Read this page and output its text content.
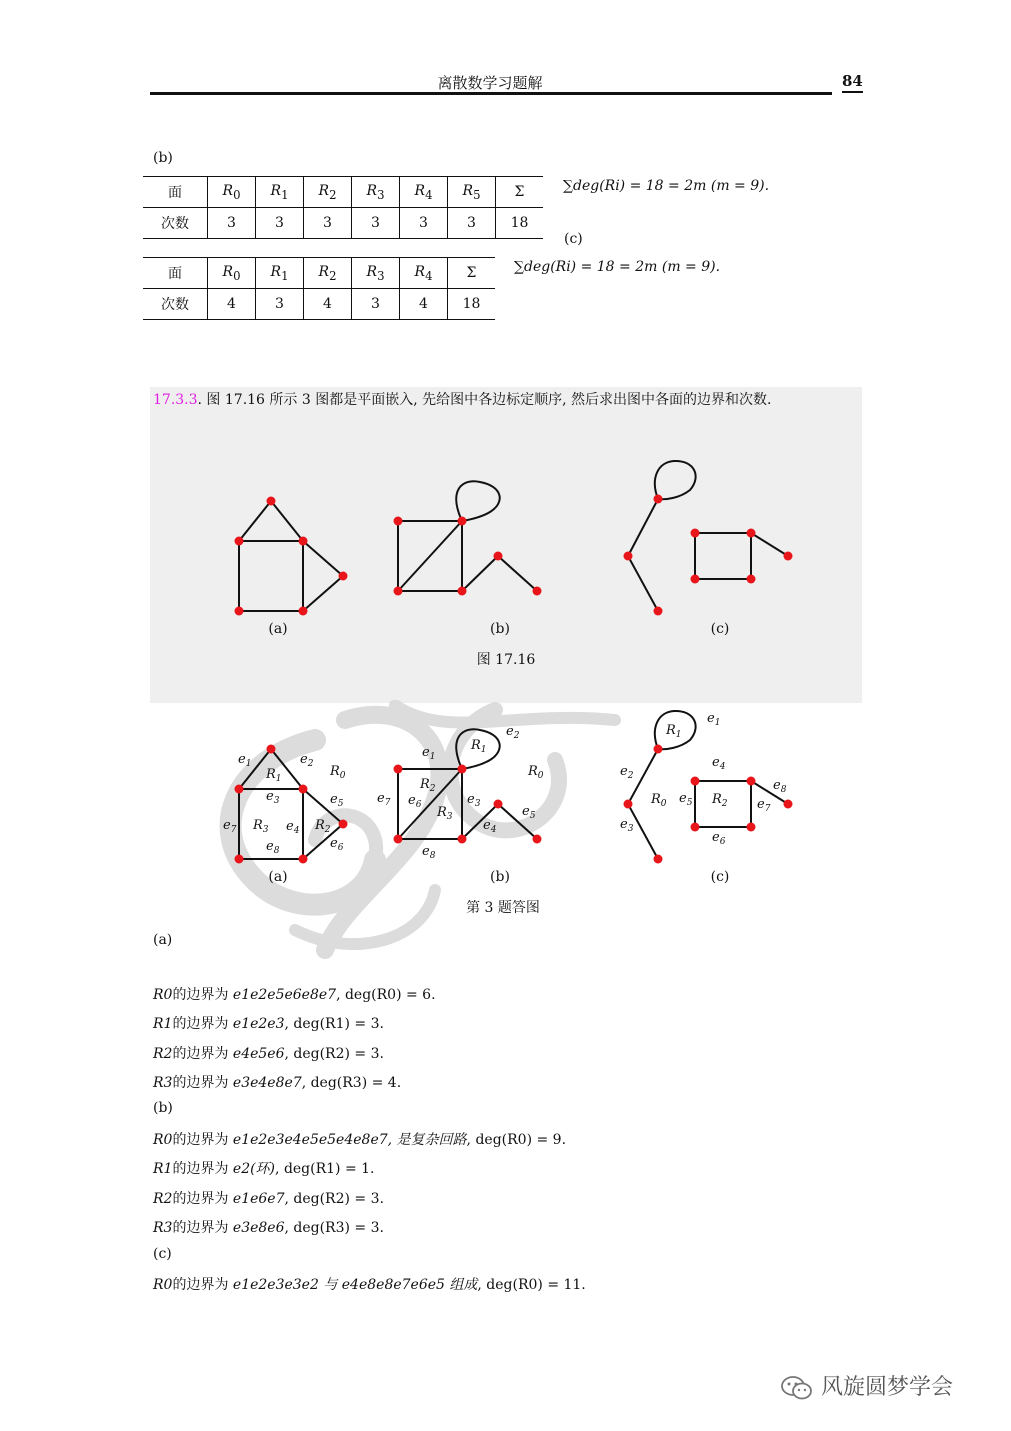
离散数学习题解	84
(b)
面	$R_0$	$R_1$	$R_2$	$R_3$	$R_4$	$R_5$	Σ
次数	3	3	3	3	3	3	18
∑deg(Ri) = 18 = 2m (m = 9).
(c)
面	$R_0$	$R_1$	$R_2$	$R_3$	$R_4$	Σ
次数	4	3	4	3	4	18
∑deg(Ri) = 18 = 2m (m = 9).
17.3.3. 图 17.16 所示 3 图都是平面嵌入, 先给图中各边标定顺序, 然后求出图中各面的边界和次数.
(a)	(b)	(c)
图 17.16
$e_1$	$e_2$
$R_1$	$R_0$
$e_3$	$e_5$
$e_7$ $R_3$ $e_4$ $R_2$
$e_6$
$e_8$
$e_1$
$e_2$
$R_1$
$R_0$
$R_2$
$e_7$ $e_6$ $R_3$
$e_3$	$e_5$
$e_4$
$e_8$
$e_1$
$R_1$
$e_2$
$e_4$
$R_0$ $e_5$ $R_2$
$e_8$
$e_7$
$e_3$
$e_6$
(a)	(b)	(c)
第 3 题答图
(a)
R0的边界为 e1e2e5e6e8e7, deg(R0) = 6.
R1的边界为 e1e2e3, deg(R1) = 3.
R2的边界为 e4e5e6, deg(R2) = 3.
R3的边界为 e3e4e8e7, deg(R3) = 4.
(b)
R0的边界为 e1e2e3e4e5e5e4e8e7, 是复杂回路, deg(R0) = 9.
R1的边界为 e2(环), deg(R1) = 1.
R2的边界为 e1e6e7, deg(R2) = 3.
R3的边界为 e3e8e6, deg(R3) = 3.
(c)
R0的边界为 e1e2e3e3e2 与 e4e8e8e7e6e5 组成, deg(R0) = 11.
风旋圆梦学会
